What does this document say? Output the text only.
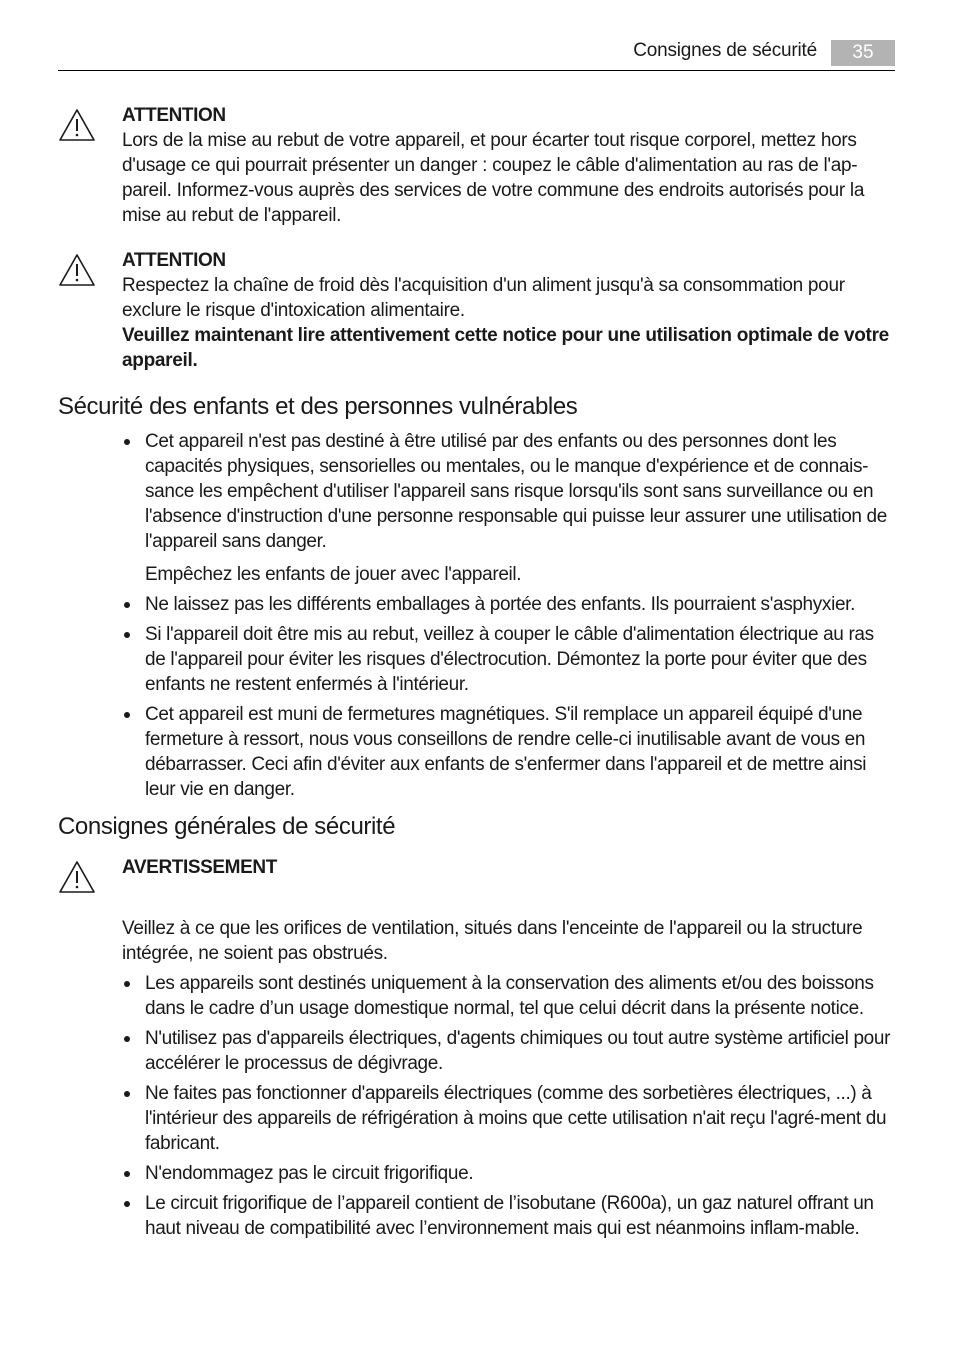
Consignes de sécurité	35
ATTENTION

Lors de la mise au rebut de votre appareil, et pour écarter tout risque corporel, mettez hors d'usage ce qui pourrait présenter un danger : coupez le câble d'alimentation au ras de l'ap-pareil. Informez-vous auprès des services de votre commune des endroits autorisés pour la mise au rebut de l'appareil.

ATTENTION

Respectez la chaîne de froid dès l'acquisition d'un aliment jusqu'à sa consommation pour exclure le risque d'intoxication alimentaire.

Veuillez maintenant lire attentivement cette notice pour une utilisation optimale de votre appareil.

Sécurité des enfants et des personnes vulnérables
Cet appareil n'est pas destiné à être utilisé par des enfants ou des personnes dont les capacités physiques, sensorielles ou mentales, ou le manque d'expérience et de connais-sance les empêchent d'utiliser l'appareil sans risque lorsqu'ils sont sans surveillance ou en l'absence d'instruction d'une personne responsable qui puisse leur assurer une utilisation de l'appareil sans danger.
Empêchez les enfants de jouer avec l'appareil.
Ne laissez pas les différents emballages à portée des enfants. Ils pourraient s'asphyxier.
Si l'appareil doit être mis au rebut, veillez à couper le câble d'alimentation électrique au ras de l'appareil pour éviter les risques d'électrocution. Démontez la porte pour éviter que des enfants ne restent enfermés à l'intérieur.
Cet appareil est muni de fermetures magnétiques. S'il remplace un appareil équipé d'une fermeture à ressort, nous vous conseillons de rendre celle-ci inutilisable avant de vous en débarrasser. Ceci afin d'éviter aux enfants de s'enfermer dans l'appareil et de mettre ainsi leur vie en danger.
Consignes générales de sécurité
AVERTISSEMENT

Veillez à ce que les orifices de ventilation, situés dans l'enceinte de l'appareil ou la structure intégrée, ne soient pas obstrués.

Les appareils sont destinés uniquement à la conservation des aliments et/ou des boissons dans le cadre d’un usage domestique normal, tel que celui décrit dans la présente notice.
N'utilisez pas d'appareils électriques, d'agents chimiques ou tout autre système artificiel pour accélérer le processus de dégivrage.
Ne faites pas fonctionner d'appareils électriques (comme des sorbetières électriques, ...) à l'intérieur des appareils de réfrigération à moins que cette utilisation n'ait reçu l'agré-ment du fabricant.
N'endommagez pas le circuit frigorifique.
Le circuit frigorifique de l’appareil contient de l’isobutane (R600a), un gaz naturel offrant un haut niveau de compatibilité avec l’environnement mais qui est néanmoins inflam-mable.
